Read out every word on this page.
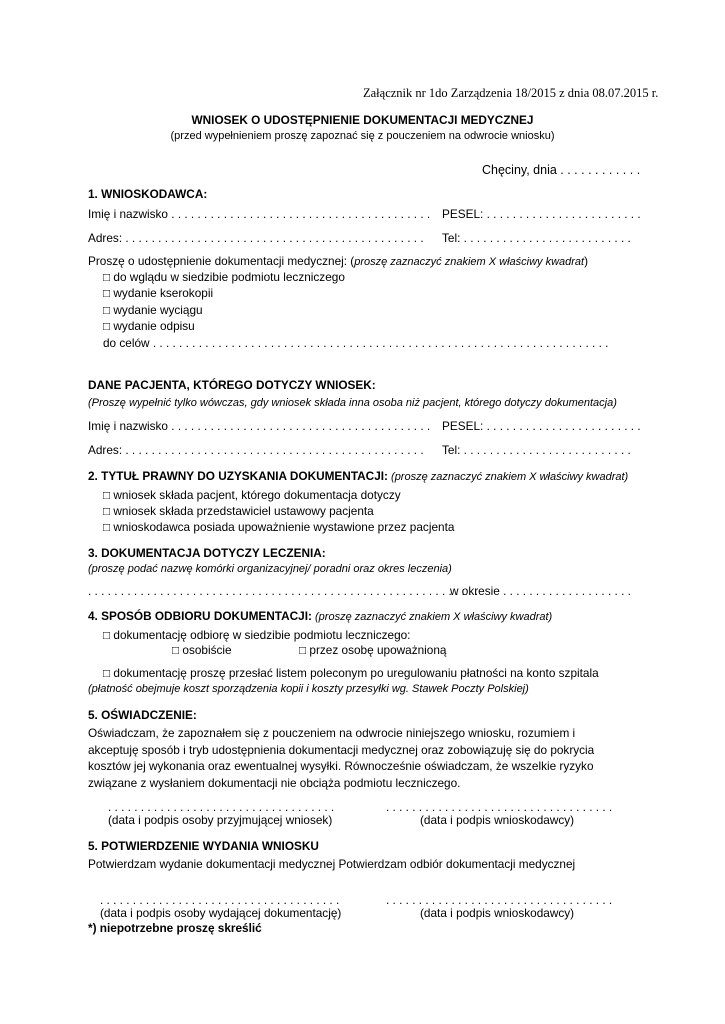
Załącznik nr 1do Zarządzenia 18/2015 z dnia 08.07.2015 r.
WNIOSEK O UDOSTĘPNIENIE DOKUMENTACJI MEDYCZNEJ
(przed wypełnieniem proszę zapoznać się z pouczeniem na odwrocie wniosku)
Chęciny, dnia . . . . . . . . . . . .
1. WNIOSKODAWCA:
Imię i nazwisko . . . . . . . . . . . . . . . . . . . . . . . . . . . . . . . . . . . . . . . . PESEL: . . . . . . . . . . . . . . . . . . . . . . . .
Adres: . . . . . . . . . . . . . . . . . . . . . . . . . . . . . . . . . . . . . . . . . . . . . . Tel: . . . . . . . . . . . . . . . . . . . . . . . . . .
Proszę o udostępnienie dokumentacji medycznej: (proszę zaznaczyć znakiem X właściwy kwadrat)
□ do wglądu w siedzibie podmiotu leczniczego
□ wydanie kserokopii
□ wydanie wyciągu
□ wydanie odpisu
do celów . . . . . . . . . . . . . . . . . . . . . . . . . . . . . . . . . . . . . . . . . . . . . . . . . . . . . . . . . . . . . . . . . . . . . .
DANE PACJENTA, KTÓREGO DOTYCZY WNIOSEK:
(Proszę wypełnić tylko wówczas, gdy wniosek składa inna osoba niż pacjent, którego dotyczy dokumentacja)
Imię i nazwisko . . . . . . . . . . . . . . . . . . . . . . . . . . . . . . . . . . . . . . . . PESEL: . . . . . . . . . . . . . . . . . . . . . . . .
Adres: . . . . . . . . . . . . . . . . . . . . . . . . . . . . . . . . . . . . . . . . . . . . . . Tel: . . . . . . . . . . . . . . . . . . . . . . . . . .
2. TYTUŁ PRAWNY DO UZYSKANIA DOKUMENTACJI: (proszę zaznaczyć znakiem X właściwy kwadrat)
□ wniosek składa pacjent, którego dokumentacja dotyczy
□ wniosek składa przedstawiciel ustawowy pacjenta
□ wnioskodawca posiada upoważnienie wystawione przez pacjenta
3. DOKUMENTACJA DOTYCZY LECZENIA:
(proszę podać nazwę komórki organizacyjnej/ poradni oraz okres leczenia)
. . . . . . . . . . . . . . . . . . . . . . . . . . . . . . . . . . . . . . . . . . . . . . . . . . . . . . . . . . . .
w okresie . . . . . . . . . . . . . . . . . . . .
4. SPOSÓB ODBIORU DOKUMENTACJI: (proszę zaznaczyć znakiem X właściwy kwadrat)
□ dokumentację odbiorę w siedzibie podmiotu leczniczego:
□ osobiście	□ przez osobę upoważnioną
□ dokumentację proszę przesłać listem poleconym po uregulowaniu płatności na konto szpitala
(płatność obejmuje koszt sporządzenia kopii i koszty przesyłki wg. Stawek Poczty Polskiej)
5. OŚWIADCZENIE:
Oświadczam, że zapoznałem się z pouczeniem na odwrocie niniejszego wniosku, rozumiem i
akceptuję sposób i tryb udostępnienia dokumentacji medycznej oraz zobowiązuję się do pokrycia
kosztów jej wykonania oraz ewentualnej wysyłki. Równocześnie oświadczam, że wszelkie ryzyko
związane z wysłaniem dokumentacji nie obciąża podmiotu leczniczego.
. . . . . . . . . . . . . . . . . . . . . . . . . . . . . . . . . . .	. . . . . . . . . . . . . . . . . . . . . . . . . . . . . . . . . . .
(data i podpis osoby przyjmującej wniosek)	(data i podpis wnioskodawcy)
5. POTWIERDZENIE WYDANIA WNIOSKU
Potwierdzam wydanie dokumentacji medycznej Potwierdzam odbiór dokumentacji medycznej
. . . . . . . . . . . . . . . . . . . . . . . . . . . . . . . . . . . . .	. . . . . . . . . . . . . . . . . . . . . . . . . . . . . . . . . . .
(data i podpis osoby wydającej dokumentację)	(data i podpis wnioskodawcy)
*) niepotrzebne proszę skreślić
